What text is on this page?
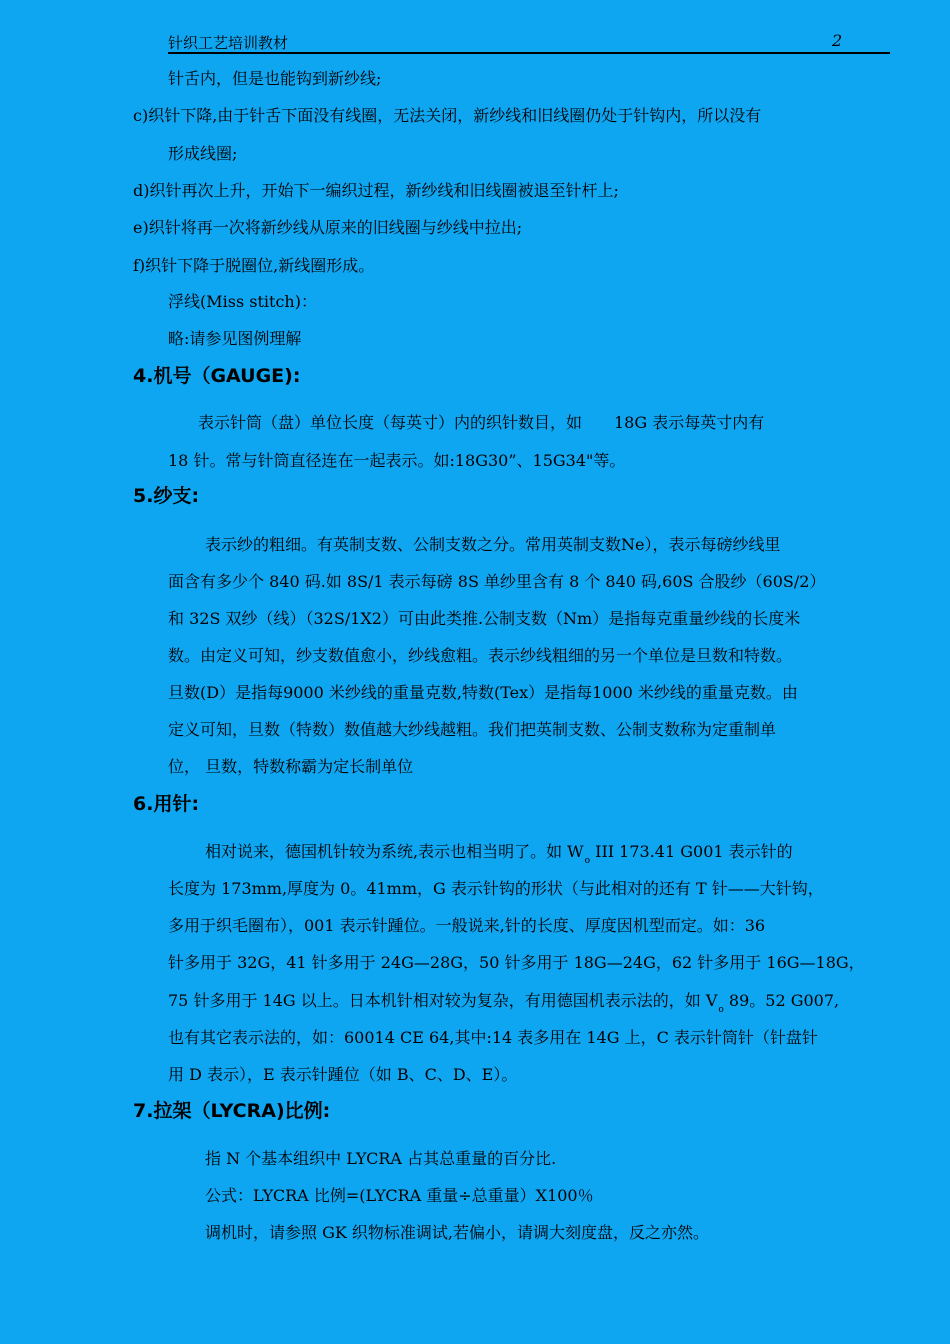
针织工艺培训教材	2
针舌内，但是也能钩到新纱线;
c)织针下降,由于针舌下面没有线圈，无法关闭，新纱线和旧线圈仍处于针钩内，所以没有
形成线圈;
d)织针再次上升，开始下一编织过程，新纱线和旧线圈被退至针杆上;
e)织针将再一次将新纱线从原来的旧线圈与纱线中拉出;
f)织针下降于脱圈位,新线圈形成。
浮线(Miss stitch)：
略:请参见图例理解
4.机号（GAUGE):
表示针筒（盘）单位长度（每英寸）内的织针数目，如　　18G 表示每英寸内有
18 针。常与针筒直径连在一起表示。如:18G30”、15G34"等。
5.纱支:
表示纱的粗细。有英制支数、公制支数之分。常用英制支数Ne），表示每磅纱线里
面含有多少个 840 码.如 8S/1 表示每磅 8S 单纱里含有 8 个 840 码,60S 合股纱（60S/2）
和 32S 双纱（线）（32S/1X2）可由此类推.公制支数（Nm）是指每克重量纱线的长度米
数。由定义可知，纱支数值愈小，纱线愈粗。表示纱线粗细的另一个单位是旦数和特数。
旦数(D）是指每9000 米纱线的重量克数,特数(Tex）是指每1000 米纱线的重量克数。由
定义可知，旦数（特数）数值越大纱线越粗。我们把英制支数、公制支数称为定重制单
位， 旦数，特数称霸为定长制单位
6.用针:
相对说来，德国机针较为系统,表示也相当明了。如 $W_o$ III 173.41 G001 表示针的
长度为 173mm,厚度为 0。41mm，G 表示针钩的形状（与此相对的还有 T 针——大针钩，
多用于织毛圈布），001 表示针踵位。一般说来,针的长度、厚度因机型而定。如：36
针多用于 32G，41 针多用于 24G—28G，50 针多用于 18G—24G，62 针多用于 16G—18G，
75 针多用于 14G 以上。日本机针相对较为复杂，有用德国机表示法的，如 $V_o$ 89。52 G007,
也有其它表示法的，如：60014 CE 64,其中:14 表多用在 14G 上，C 表示针筒针（针盘针
用 D 表示），E 表示针踵位（如 B、C、D、E）。
7.拉架（LYCRA)比例:
指 N 个基本组织中 LYCRA 占其总重量的百分比.
公式：LYCRA 比例=(LYCRA 重量÷总重量）X100％
调机时，请参照 GK 织物标准调试,若偏小，请调大刻度盘，反之亦然。
